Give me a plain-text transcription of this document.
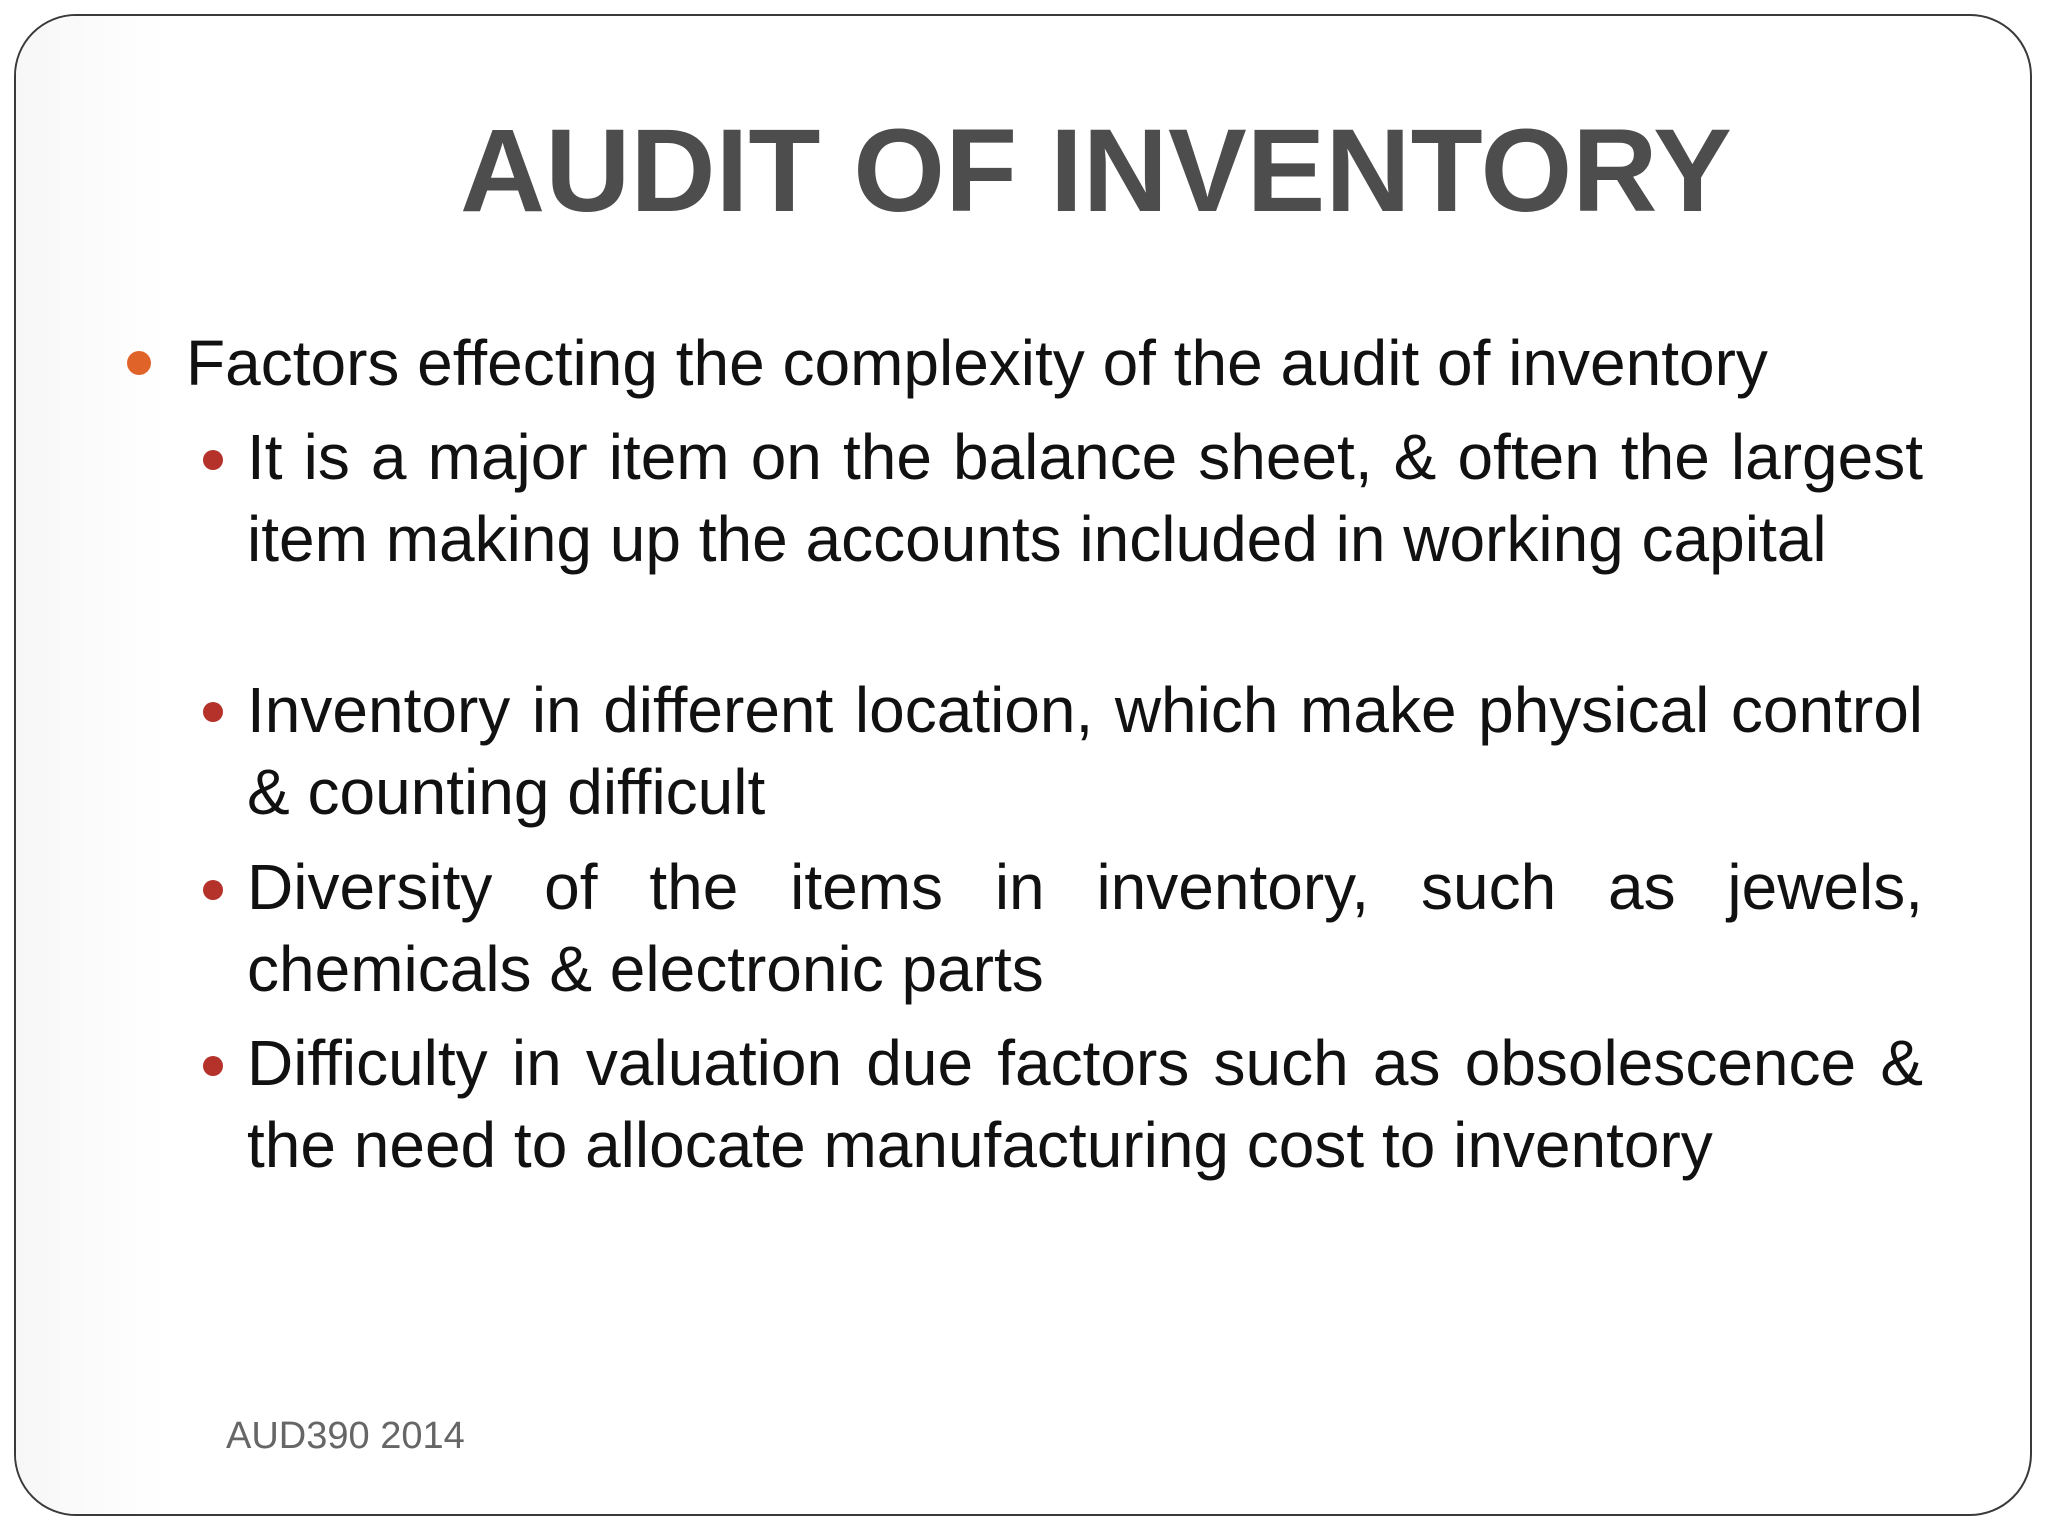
AUDIT OF INVENTORY
Factors effecting the complexity of the audit of inventory
It is a major item on the balance sheet, & often the largest item making up the accounts included in working capital
Inventory in different location, which make physical control & counting difficult
Diversity of the items in inventory, such as jewels, chemicals & electronic parts
Difficulty in valuation due factors such as obsolescence & the need to allocate manufacturing cost to inventory
AUD390 2014
